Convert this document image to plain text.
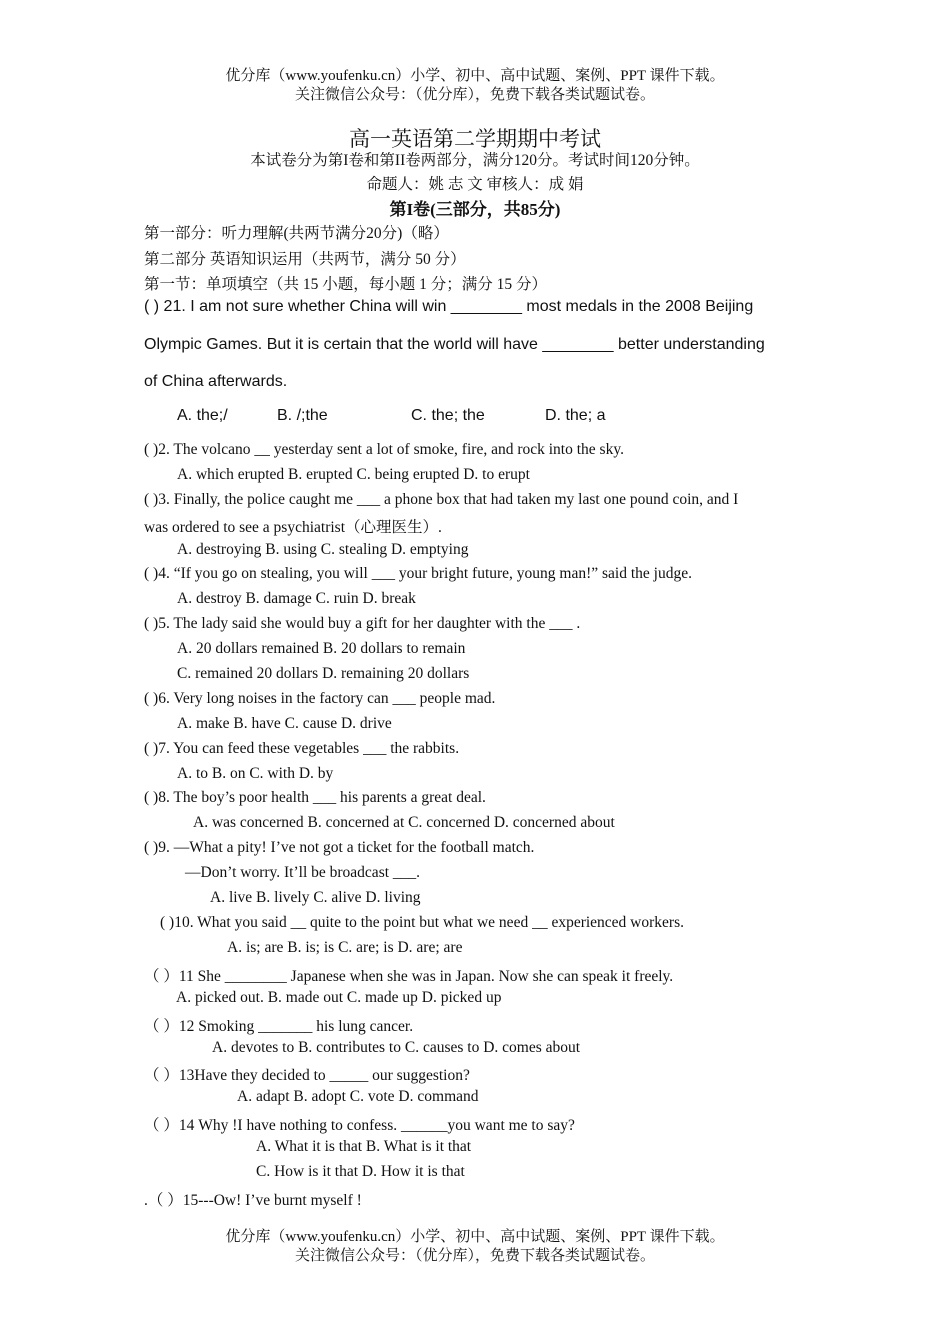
优分库（www.youfenku.cn）小学、初中、高中试题、案例、PPT 课件下载。
关注微信公众号：（优分库），免费下载各类试题试卷。
高一英语第二学期期中考试
本试卷分为第I卷和第II卷两部分，满分120分。考试时间120分钟。
命题人：姚 志 文 审核人：成 娟
第I卷(三部分，共85分)
第一部分：听力理解(共两节满分20分)（略）
第二部分 英语知识运用（共两节，满分 50 分）
第一节：单项填空（共 15 小题，每小题 1 分；满分 15 分）
( ) 21. I am not sure whether China will win ________ most medals in the 2008 Beijing
Olympic Games. But it is certain that the world will have ________ better understanding
of China afterwards.
A. the;/	B. /;the	C. the; the	D. the; a
( )2. The volcano __ yesterday sent a lot of smoke, fire, and rock into the sky.
A. which erupted B. erupted C. being erupted D. to erupt
( )3. Finally, the police caught me ___ a phone box that had taken my last one pound coin, and I
was ordered to see a psychiatrist（心理医生）.
A. destroying B. using C. stealing D. emptying
( )4. “If you go on stealing, you will ___ your bright future, young man!” said the judge.
A. destroy B. damage C. ruin D. break
( )5. The lady said she would buy a gift for her daughter with the ___ .
A. 20 dollars remained B. 20 dollars to remain
C. remained 20 dollars D. remaining 20 dollars
( )6. Very long noises in the factory can ___ people mad.
A. make B. have C. cause D. drive
( )7. You can feed these vegetables ___ the rabbits.
A. to B. on C. with D. by
( )8. The boy’s poor health ___ his parents a great deal.
A. was concerned B. concerned at C. concerned D. concerned about
( )9. —What a pity! I’ve not got a ticket for the football match.
—Don’t worry. It’ll be broadcast ___.
A. live B. lively C. alive D. living
( )10. What you said __ quite to the point but what we need __ experienced workers.
A. is; are B. is; is C. are; is D. are; are
（ ）11 She ________ Japanese when she was in Japan. Now she can speak it freely.
A. picked out. B. made out C. made up D. picked up
（ ）12 Smoking _______ his lung cancer.
A. devotes to B. contributes to C. causes to D. comes about
（ ）13Have they decided to _____ our suggestion?
A. adapt B. adopt C. vote D. command
（ ）14 Why !I have nothing to confess. ______you want me to say?
A. What it is that B. What is it that
C. How is it that D. How it is that
.（ ）15---Ow! I’ve burnt myself !
优分库（www.youfenku.cn）小学、初中、高中试题、案例、PPT 课件下载。
关注微信公众号：（优分库），免费下载各类试题试卷。
